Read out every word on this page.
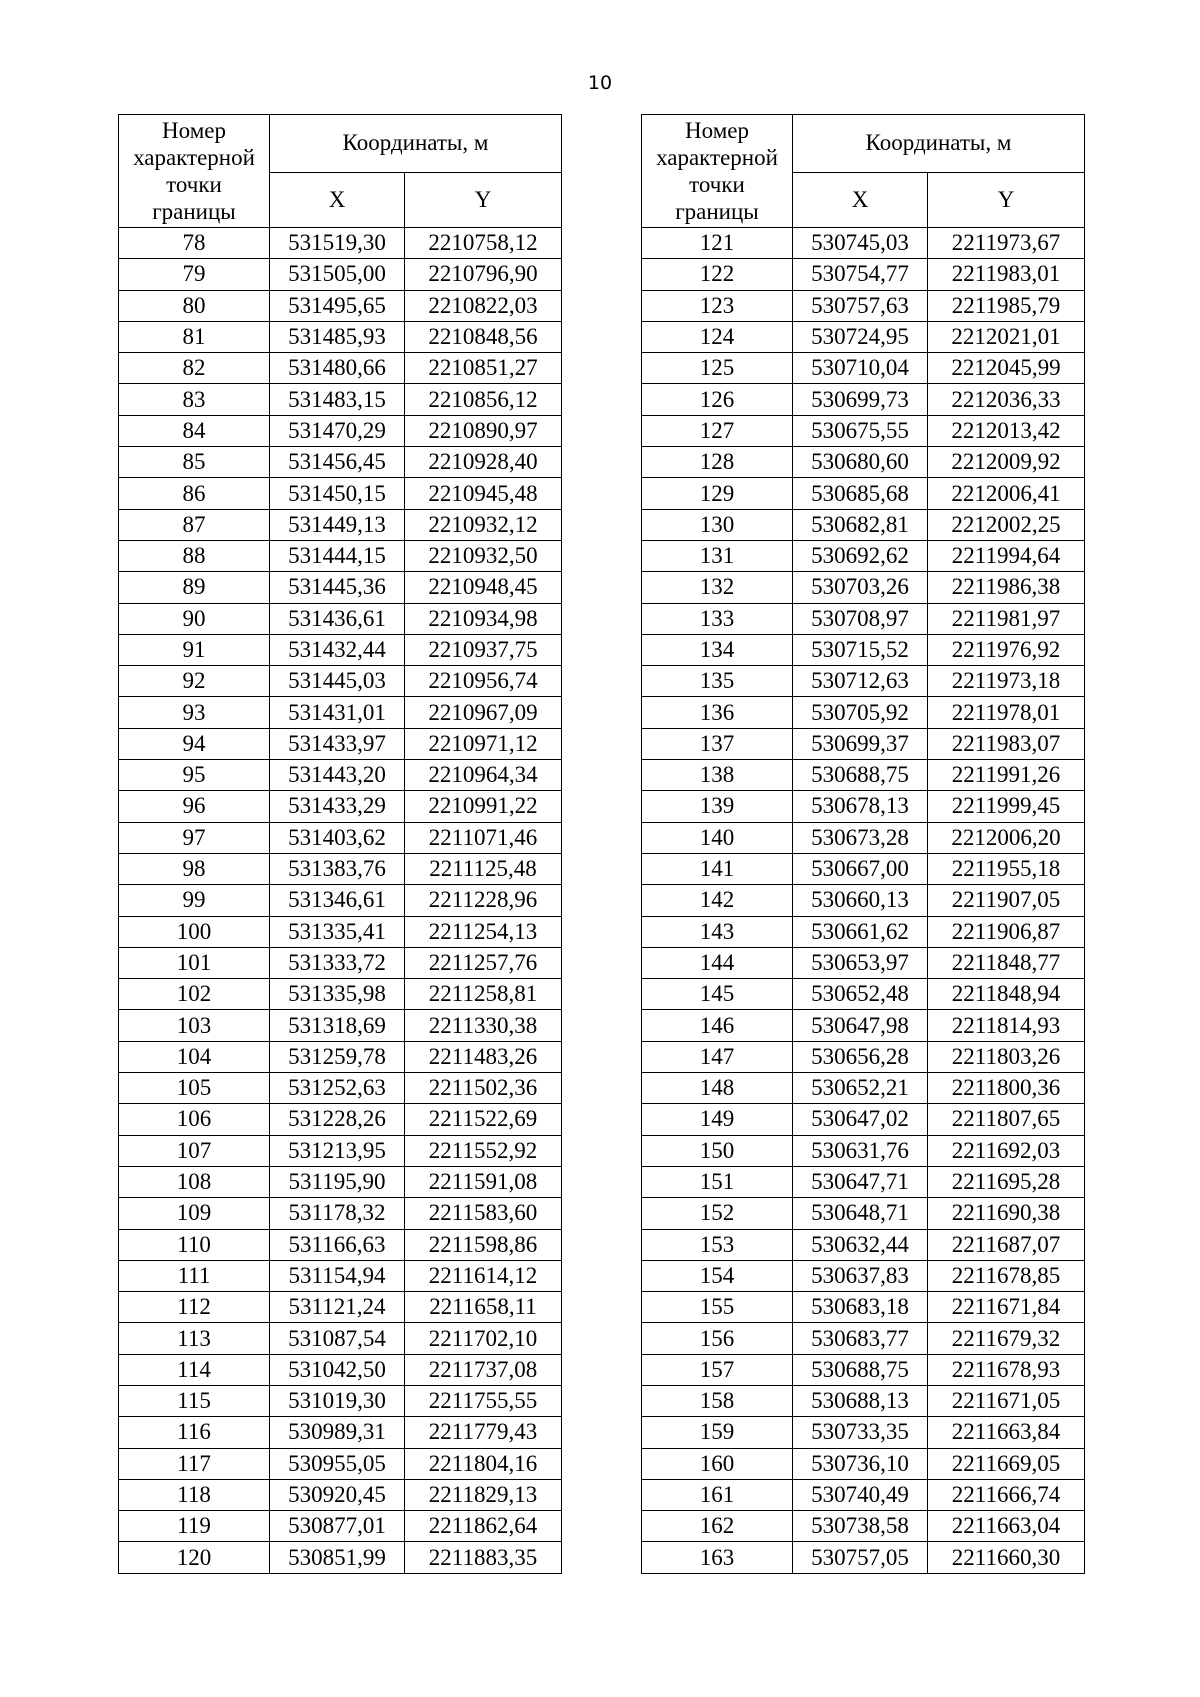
10
Номер
характерной
точки
границы	Координаты, м	
	X	Y
78	531519,30	2210758,12
79	531505,00	2210796,90
80	531495,65	2210822,03
81	531485,93	2210848,56
82	531480,66	2210851,27
83	531483,15	2210856,12
84	531470,29	2210890,97
85	531456,45	2210928,40
86	531450,15	2210945,48
87	531449,13	2210932,12
88	531444,15	2210932,50
89	531445,36	2210948,45
90	531436,61	2210934,98
91	531432,44	2210937,75
92	531445,03	2210956,74
93	531431,01	2210967,09
94	531433,97	2210971,12
95	531443,20	2210964,34
96	531433,29	2210991,22
97	531403,62	2211071,46
98	531383,76	2211125,48
99	531346,61	2211228,96
100	531335,41	2211254,13
101	531333,72	2211257,76
102	531335,98	2211258,81
103	531318,69	2211330,38
104	531259,78	2211483,26
105	531252,63	2211502,36
106	531228,26	2211522,69
107	531213,95	2211552,92
108	531195,90	2211591,08
109	531178,32	2211583,60
110	531166,63	2211598,86
111	531154,94	2211614,12
112	531121,24	2211658,11
113	531087,54	2211702,10
114	531042,50	2211737,08
115	531019,30	2211755,55
116	530989,31	2211779,43
117	530955,05	2211804,16
118	530920,45	2211829,13
119	530877,01	2211862,64
120	530851,99	2211883,35
Номер
характерной
точки
границы	Координаты, м	
	X	Y
121	530745,03	2211973,67
122	530754,77	2211983,01
123	530757,63	2211985,79
124	530724,95	2212021,01
125	530710,04	2212045,99
126	530699,73	2212036,33
127	530675,55	2212013,42
128	530680,60	2212009,92
129	530685,68	2212006,41
130	530682,81	2212002,25
131	530692,62	2211994,64
132	530703,26	2211986,38
133	530708,97	2211981,97
134	530715,52	2211976,92
135	530712,63	2211973,18
136	530705,92	2211978,01
137	530699,37	2211983,07
138	530688,75	2211991,26
139	530678,13	2211999,45
140	530673,28	2212006,20
141	530667,00	2211955,18
142	530660,13	2211907,05
143	530661,62	2211906,87
144	530653,97	2211848,77
145	530652,48	2211848,94
146	530647,98	2211814,93
147	530656,28	2211803,26
148	530652,21	2211800,36
149	530647,02	2211807,65
150	530631,76	2211692,03
151	530647,71	2211695,28
152	530648,71	2211690,38
153	530632,44	2211687,07
154	530637,83	2211678,85
155	530683,18	2211671,84
156	530683,77	2211679,32
157	530688,75	2211678,93
158	530688,13	2211671,05
159	530733,35	2211663,84
160	530736,10	2211669,05
161	530740,49	2211666,74
162	530738,58	2211663,04
163	530757,05	2211660,30
